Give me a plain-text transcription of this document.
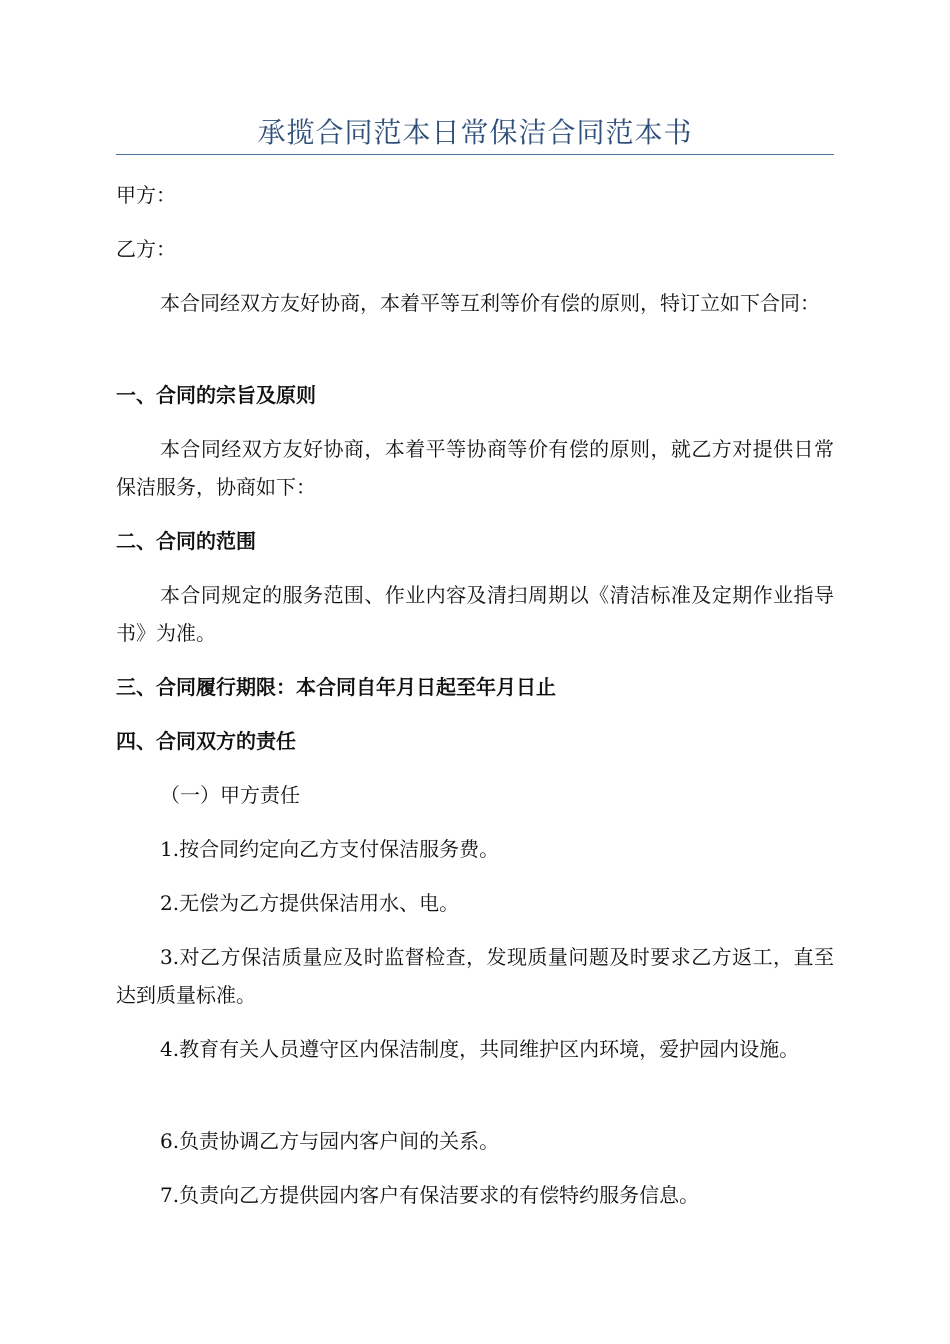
承揽合同范本日常保洁合同范本书
甲方：
乙方：
本合同经双方友好协商，本着平等互利等价有偿的原则，特订立如下合同：
一、合同的宗旨及原则
本合同经双方友好协商，本着平等协商等价有偿的原则，就乙方对提供日常保洁服务，协商如下：
二、合同的范围
本合同规定的服务范围、作业内容及清扫周期以《清洁标准及定期作业指导书》为准。
三、合同履行期限：本合同自年月日起至年月日止
四、合同双方的责任
（一）甲方责任
1.按合同约定向乙方支付保洁服务费。
2.无偿为乙方提供保洁用水、电。
3.对乙方保洁质量应及时监督检查，发现质量问题及时要求乙方返工，直至达到质量标准。
4.教育有关人员遵守区内保洁制度，共同维护区内环境，爱护园内设施。
6.负责协调乙方与园内客户间的关系。
7.负责向乙方提供园内客户有保洁要求的有偿特约服务信息。
